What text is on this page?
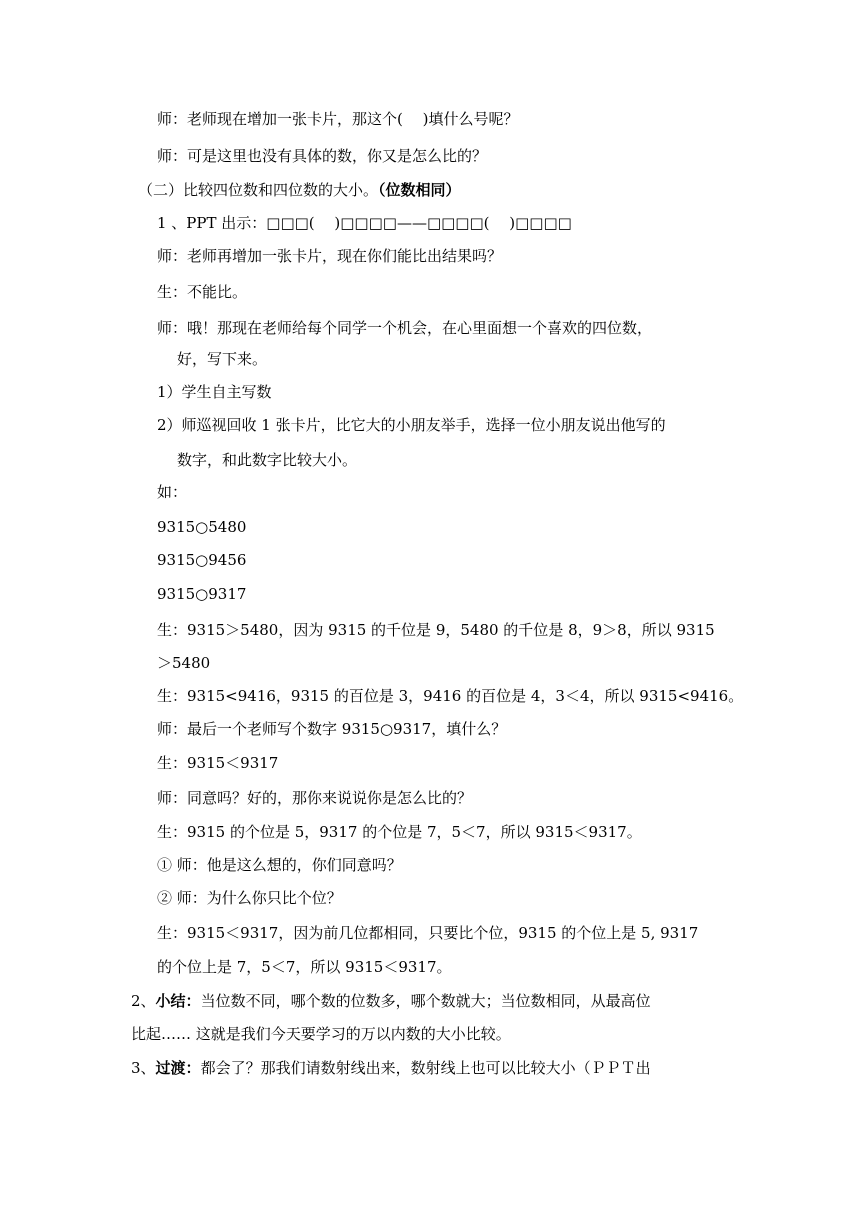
师：老师现在增加一张卡片，那这个(　 )填什么号呢？
师：可是这里也没有具体的数，你又是怎么比的？
（二）比较四位数和四位数的大小。（位数相同）
1 、PPT 出示：□□□(　 )□□□□——□□□□(　 )□□□□
师：老师再增加一张卡片，现在你们能比出结果吗？
生：不能比。
师：哦！那现在老师给每个同学一个机会，在心里面想一个喜欢的四位数，
好，写下来。
1）学生自主写数
2）师巡视回收 1 张卡片，比它大的小朋友举手，选择一位小朋友说出他写的
数字，和此数字比较大小。
如：
9315○5480
9315○9456
9315○9317
生：9315＞5480，因为 9315 的千位是 9，5480 的千位是 8，9＞8，所以 9315
＞5480
生：9315<9416，9315 的百位是 3，9416 的百位是 4，3＜4，所以 9315<9416。
师：最后一个老师写个数字 9315○9317，填什么？
生：9315＜9317
师：同意吗？好的，那你来说说你是怎么比的？
生：9315 的个位是 5，9317 的个位是 7，5＜7，所以 9315＜9317。
① 师：他是这么想的，你们同意吗？
② 师：为什么你只比个位？
生：9315＜9317，因为前几位都相同，只要比个位，9315 的个位上是 5, 9317
的个位上是 7，5＜7，所以 9315＜9317。
2、小结：当位数不同，哪个数的位数多，哪个数就大；当位数相同，从最高位
比起…… 这就是我们今天要学习的万以内数的大小比较。
3、过渡：都会了？那我们请数射线出来，数射线上也可以比较大小（ＰＰＴ出
